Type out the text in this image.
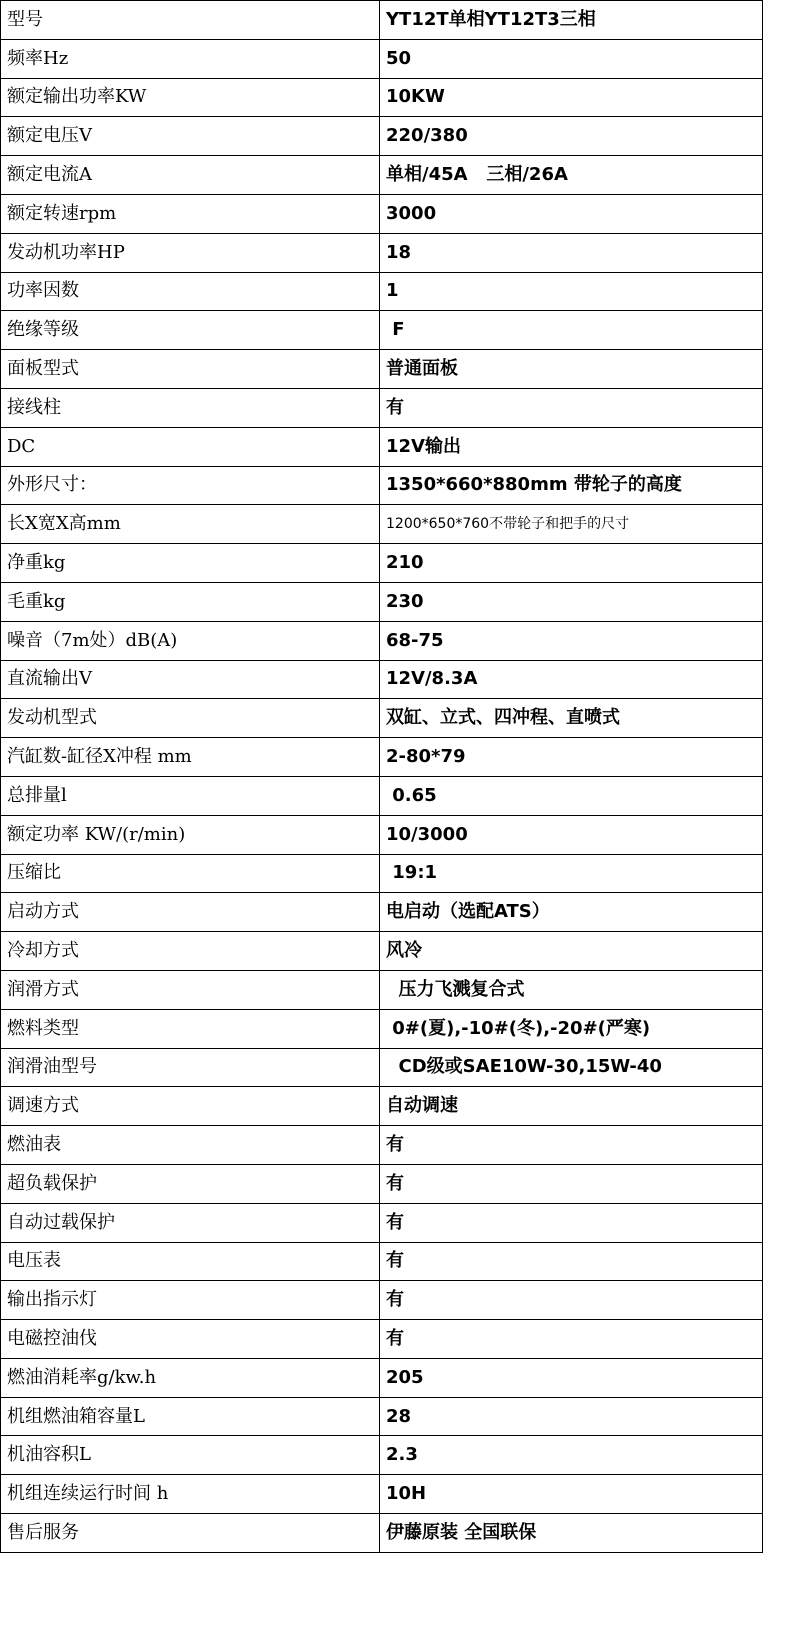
型号	YT12T单相YT12T3三相
频率Hz	50
额定输出功率KW	10KW
额定电压V	220/380
额定电流A	单相/45A   三相/26A
额定转速rpm	3000
发动机功率HP	18
功率因数	1
绝缘等级	F
面板型式	普通面板
接线柱	有
DC	12V输出
外形尺寸：	1350*660*880mm 带轮子的高度
长X宽X高mm	1200*650*760不带轮子和把手的尺寸
净重kg	210
毛重kg	230
噪音（7m处）dB(A)	68-75
直流输出V	12V/8.3A
发动机型式	双缸、立式、四冲程、直喷式
汽缸数-缸径X冲程 mm	2-80*79
总排量l	0.65
额定功率 KW/(r/min)	10/3000
压缩比	19:1
启动方式	电启动（选配ATS）
冷却方式	风冷
润滑方式	压力飞溅复合式
燃料类型	0#(夏),-10#(冬),-20#(严寒)
润滑油型号	CD级或SAE10W-30,15W-40
调速方式	自动调速
燃油表	有
超负载保护	有
自动过载保护	有
电压表	有
输出指示灯	有
电磁控油伐	有
燃油消耗率g/kw.h	205
机组燃油箱容量L	28
机油容积L	2.3
机组连续运行时间 h	10H
售后服务	伊藤原装 全国联保
